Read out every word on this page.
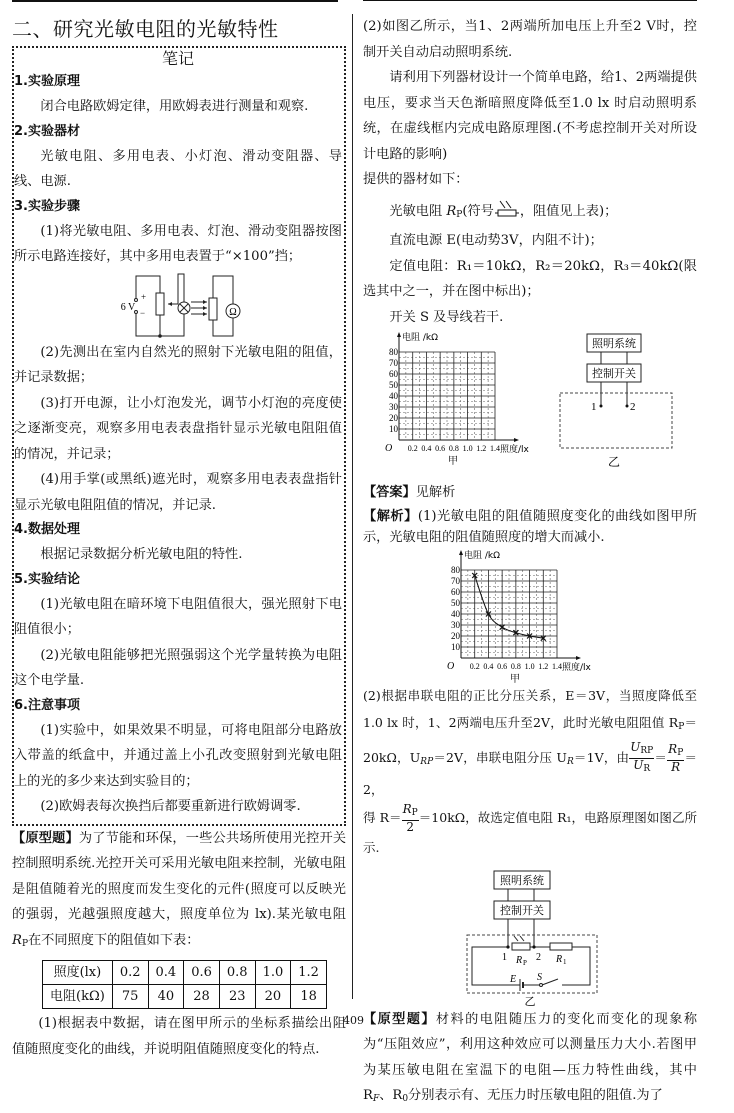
二、研究光敏电阻的光敏特性
笔记
1.实验原理

闭合电路欧姆定律，用欧姆表进行测量和观察.

2.实验器材

光敏电阻、多用电表、小灯泡、滑动变阻器、导线、电源.

3.实验步骤

(1)将光敏电阻、多用电表、灯泡、滑动变阻器按图所示电路连接好，其中多用电表置于“×100”挡；

6 V
+
−	Ω

(2)先测出在室内自然光的照射下光敏电阻的阻值，并记录数据；

(3)打开电源，让小灯泡发光，调节小灯泡的亮度使之逐渐变亮，观察多用电表表盘指针显示光敏电阻阻值的情况，并记录；

(4)用手掌(或黑纸)遮光时，观察多用电表表盘指针显示光敏电阻阻值的情况，并记录.

4.数据处理

根据记录数据分析光敏电阻的特性.

5.实验结论

(1)光敏电阻在暗环境下电阻值很大，强光照射下电阻值很小；

(2)光敏电阻能够把光照强弱这个光学量转换为电阻这个电学量.

6.注意事项

(1)实验中，如果效果不明显，可将电阻部分电路放入带盖的纸盒中，并通过盖上小孔改变照射到光敏电阻上的光的多少来达到实验目的；

(2)欧姆表每次换挡后都要重新进行欧姆调零.

【原型题】为了节能和环保，一些公共场所使用光控开关控制照明系统.光控开关可采用光敏电阻来控制，光敏电阻是阻值随着光的照度而发生变化的元件(照度可以反映光的强弱，光越强照度越大，照度单位为 lx).某光敏电阻 $R_P$在不同照度下的阻值如下表：

照度(lx)	0.2	0.4	0.6	0.8	1.0	1.2
电阻(kΩ)	75	40	28	23	20	18

(1)根据表中数据，请在图甲所示的坐标系描绘出阻值随照度变化的曲线，并说明阻值随照度变化的特点.

(2)如图乙所示，当1、2两端所加电压上升至2 V时，控制开关自动启动照明系统.

请利用下列器材设计一个简单电路，给1、2两端提供电压，要求当天色渐暗照度降低至1.0 lx 时启动照明系统，在虚线框内完成电路原理图.(不考虑控制开关对所设计电路的影响)

提供的器材如下：

光敏电阻 $R_P$(符号 ，阻值见上表)；

直流电源 E(电动势3V，内阻不计)；

定值电阻：R₁＝10kΩ，R₂＝20kΩ，R₃＝40kΩ(限选其中之一，并在图中标出)；

开关 S 及导线若干.

10
20
30
40
50
60
70
80
0.2 0.4 0.6 0.8 1.0 1.2 1.4
O
电阻 /kΩ
照度/lx
甲
照明系统
控制开关
1	2
乙

【答案】见解析

【解析】(1)光敏电阻的阻值随照度变化的曲线如图甲所示，光敏电阻的阻值随照度的增大而减小.

10
20
30
40
50
60
70
80
0.2 0.4 0.6 0.8 1.0 1.2 1.4
O
电阻 /kΩ
照度/lx
甲

(2)根据串联电阻的正比分压关系，E＝3V，当照度降低至1.0 lx 时，1、2两端电压升至2V，此时光敏电阻阻值 $R_P=20k\Omega$，$U_{RP}=2V$，串联电阻分压 $U_R=1V$，由 $\frac{U_{RP}}{U_R} = \frac{R_P}{R} =2$，

得 $R= \frac{R_P}{2} =10k\Omega$，故选定值电阻 R₁，电路原理图如图乙所示.

照明系统
控制开关
1	2
R P	R 1
E S
乙

【原型题】材料的电阻随压力的变化而变化的现象称为“压阻效应”，利用这种效应可以测量压力大小.若图甲为某压敏电阻在室温下的电阻—压力特性曲线，其中 $R_F$、$R_0$分别表示有、无压力时压敏电阻的阻值.为了

409
